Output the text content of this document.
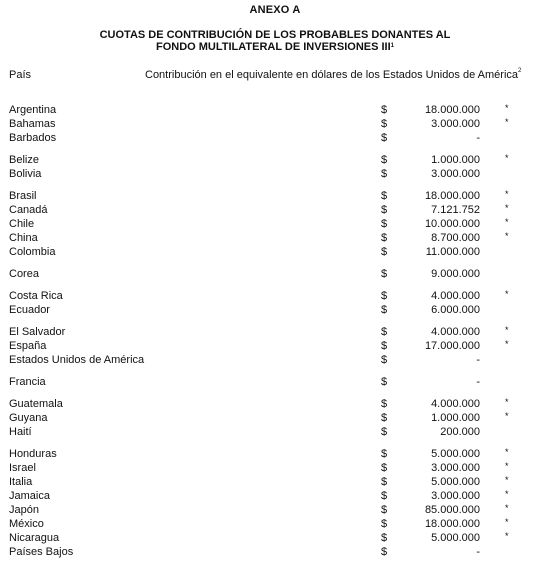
ANEXO A
CUOTAS DE CONTRIBUCIÓN DE LOS PROBABLES DONANTES AL
FONDO MULTILATERAL DE INVERSIONES III$^1$
País	Contribución en el equivalente en dólares de los Estados Unidos de América$^2$
Argentina	$	18.000.000	*
Bahamas	$	3.000.000	*
Barbados	$	-
Belize	$	1.000.000	*
Bolivia	$	3.000.000
Brasil	$	18.000.000	*
Canadá	$	7.121.752	*
Chile	$	10.000.000	*
China	$	8.700.000	*
Colombia	$	11.000.000
Corea	$	9.000.000
Costa Rica	$	4.000.000	*
Ecuador	$	6.000.000
El Salvador	$	4.000.000	*
España	$	17.000.000	*
Estados Unidos de América	$	-
Francia	$	-
Guatemala	$	4.000.000	*
Guyana	$	1.000.000	*
Haití	$	200.000
Honduras	$	5.000.000	*
Israel	$	3.000.000	*
Italia	$	5.000.000	*
Jamaica	$	3.000.000	*
Japón	$	85.000.000	*
México	$	18.000.000	*
Nicaragua	$	5.000.000	*
Países Bajos	$	-
